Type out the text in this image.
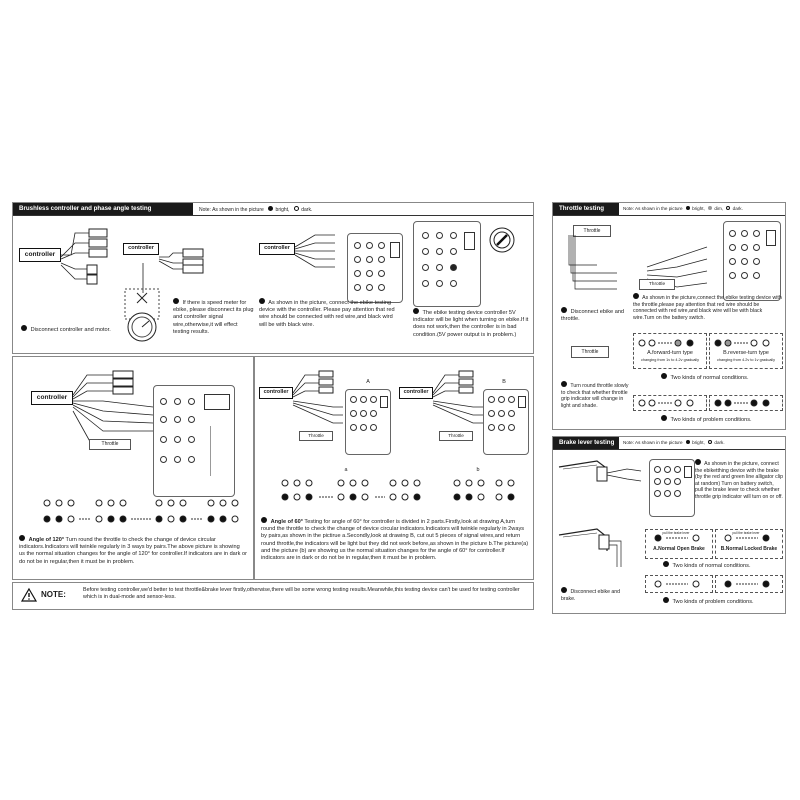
Brushless controller and phase angle testing	Note: As shown in the picture bright, dark.
controller
Disconnect controller and motor.
controller
If there is speed meter for ebike, please disconnect its plug and controller signal wire,otherwise,it will effect testing results.
controller
As shown in the picture, connect the ebike testing device with the controller. Please pay attention that red wire should be connected with red wire,and black wird will be with black wire.
The ebike testing device controller 5V indicator will be light when turning on ebike.If it does not work,then the controller is in bad condition.(5V power output is in problem.)
controller
Throttle
Angle of 120° Turn round the throttle to check the change of device circular indicators.Indicators will twinkle regularly in 3 ways by pairs.The above picture is showing us the normal situation changes for the angle of 120° for controller.If indicators are in dark or do not be in regular,then it must be in problem.
A	B
controller
Throttle
controller
Throttle
a	b
Angle of 60° Testing for angle of 60° for controller is divided in 2 parts.Firstly,look at drawing A,turn round the throttle to check the change of device circular indicators.Indicators will twinkle regularly in 2ways by pairs,as shown in the pictirue a.Secondly,look at drawing B, cut out 5 pieces of signal wires,and return round throttle,the indicators will be light but they did not work before,as shown in the picture b.The picture(a) and the picture (b) are showing us the normal situation changes for the angle of 60° for controller.If indicators are in dark or do not be in regular,then it must be in problem.
NOTE:	Before testing controller,we'd better to test throttle&brake lever firstly,otherwise,there will be some wrong testing results.Meanwhile,this testing device can't be used for testing controller which is in dual-mode and sensor-less.
Throttle testing	Note: As shown in the picture bright, dim, dark.
Throttle
Disconnect ebike and throttle.
Throttle
As shown in the picture,connect the ebike testing device with the throttle,please pay attention that red wire should be connected with red wire,and black wire will be with black wire.Turn on the battery switch.
Throttle
Turn round throttle slowly to check that whether throttle grip indicator will change in light and shade.
A.forward-turn type
changing from 1v to 4.2v gradually
B.reverse-turn type
changing from 4.2v to 1v gradually
Two kinds of normal conditions.
Two kinds of problem conditions.
Brake lever testing	Note: As shown in the picture bright, dark.
As shown in the picture, connect the ebiketthing device with the brake (by the red and green line alligator clip at random) Turn on battery switch, pull the brake lever to check whether throttle grip indicator will turn on or off.
Disconnect ebike and brake.
pull the brake lever
A.Normal Open Brake
pull the brake lever
B.Normal Locked Brake
Two kinds of normal conditions.
Two kinds of problem conditions.
